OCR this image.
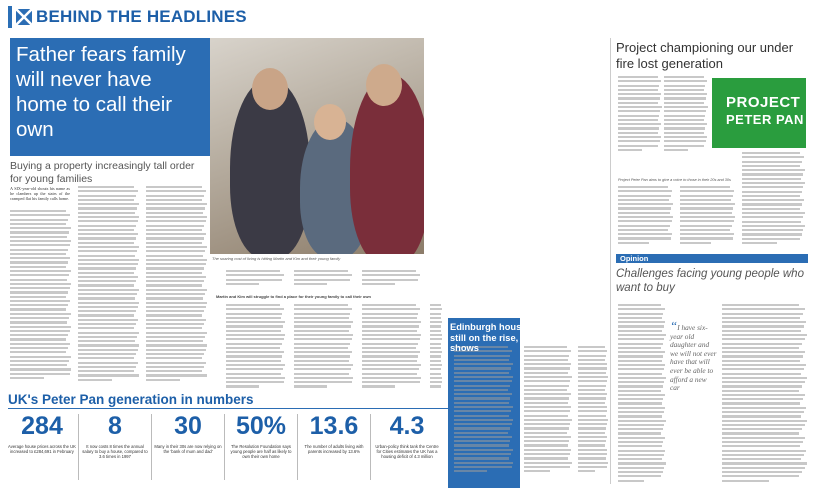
BEHIND THE HEADLINES
Father fears family will never have home to call their own
Buying a property increasingly tall order for young families
The soaring cost of living is hitting Martin and Kim and their young family
A SIX-year-old shouts his name as he clambers up the stairs of the cramped flat his family calls home.
Martin and Kim will struggle to find a place for their young family to call their own
UK's Peter Pan generation in numbers
284
Average house prices across the UK increased to £284,691 in February
8
It now costs 8 times the annual salary to buy a house, compared to 3.6 times in 1997
30
Many in their 30s are now relying on the 'bank of mum and dad'
50%
The Resolution Foundation says young people are half as likely to own their own home
13.6
The number of adults living with parents increased by 13.6%
4.3
Urban-policy think tank the Centre for Cities estimates the UK has a housing deficit of 4.3 million
Edinburgh house prices still on the rise, new data shows
Project championing our under fire lost generation
PROJECT
PETER PAN
Project Peter Pan aims to give a voice to those in their 20s and 30s
Opinion
Challenges facing young people who want to buy
“I have six-year old daughter and we will not ever have that will ever be able to afford a new car
